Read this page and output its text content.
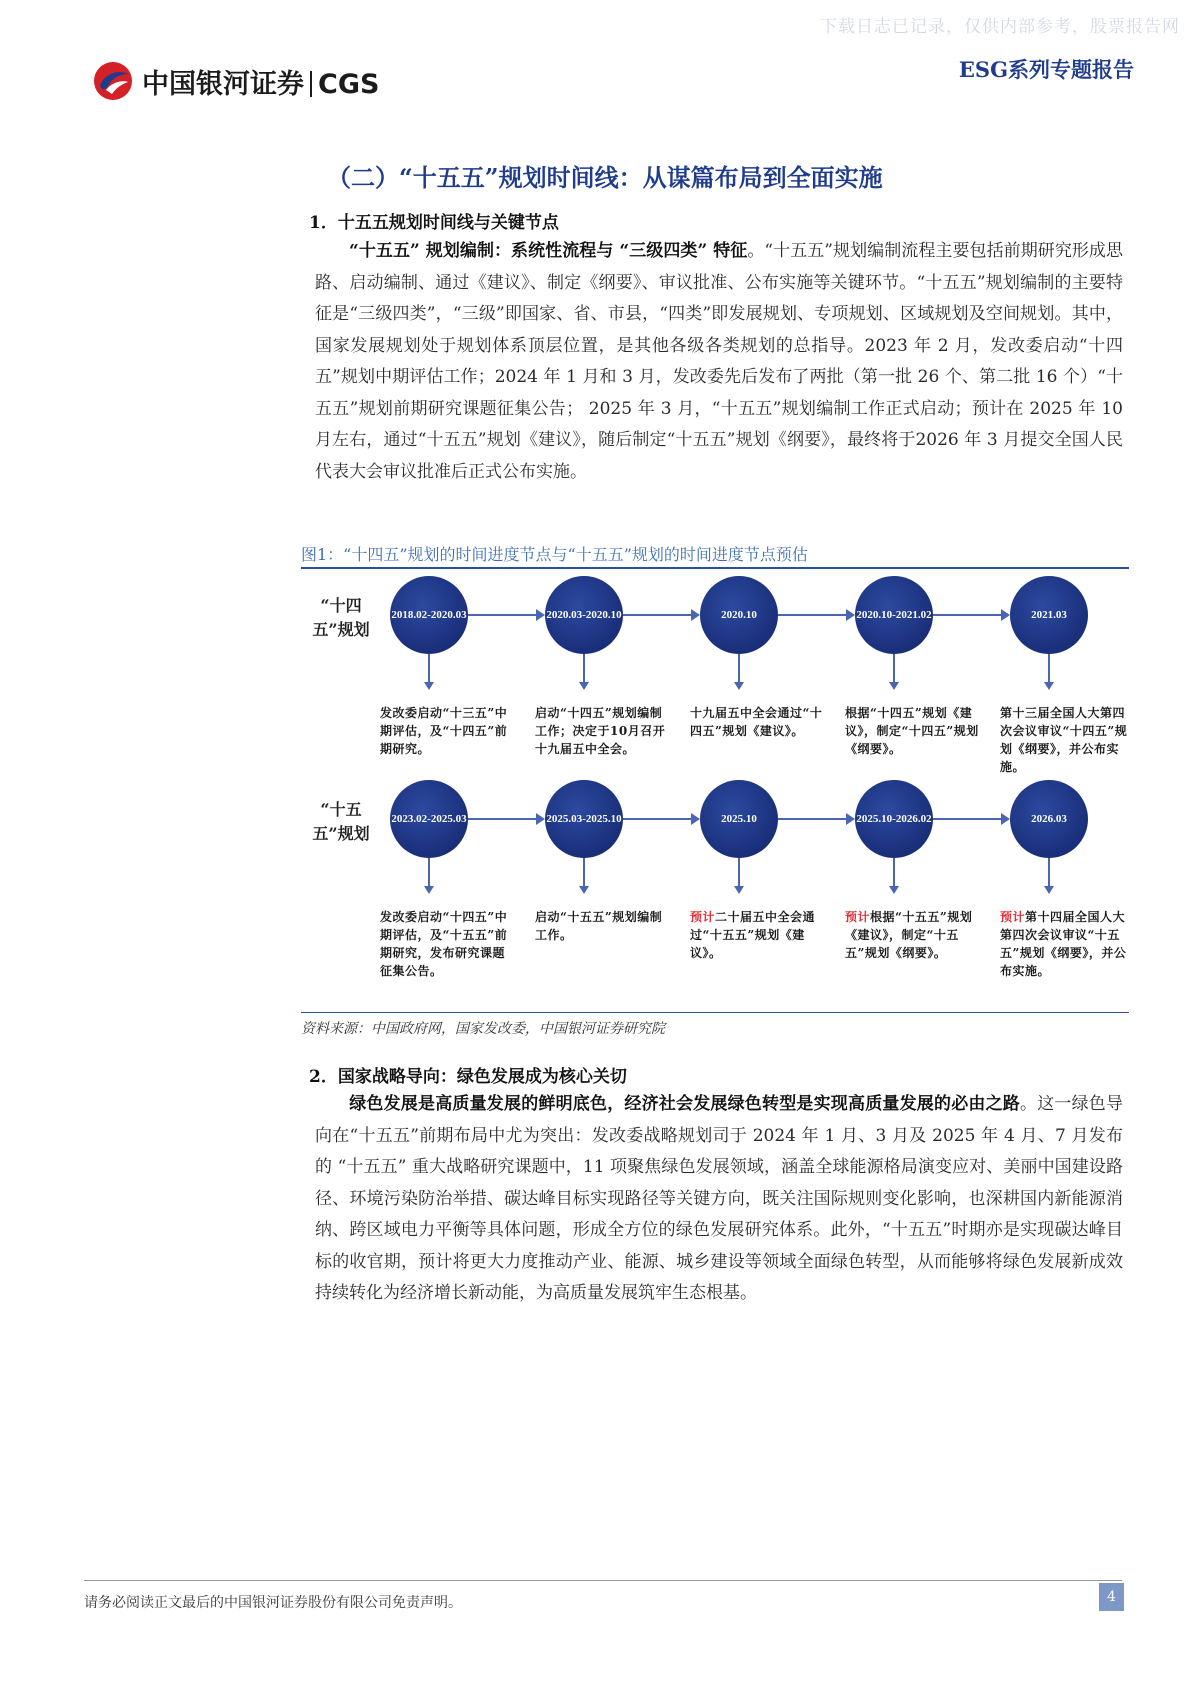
下载日志已记录，仅供内部参考，股票报告网
ESG系列专题报告
中国银河证券 CGS
（二）“十五五”规划时间线：从谋篇布局到全面实施
1．十五五规划时间线与关键节点
“十五五” 规划编制：系统性流程与 “三级四类” 特征。“十五五”规划编制流程主要包括前期研究形成思路、启动编制、通过《建议》、制定《纲要》、审议批准、公布实施等关键环节。“十五五”规划编制的主要特征是“三级四类”，“三级”即国家、省、市县，“四类”即发展规划、专项规划、区域规划及空间规划。其中，国家发展规划处于规划体系顶层位置，是其他各级各类规划的总指导。2023 年 2 月，发改委启动“十四五”规划中期评估工作；2024 年 1 月和 3 月，发改委先后发布了两批（第一批 26 个、第二批 16 个）“十五五”规划前期研究课题征集公告； 2025 年 3 月，“十五五”规划编制工作正式启动；预计在 2025 年 10 月左右，通过“十五五”规划《建议》，随后制定“十五五”规划《纲要》，最终将于2026 年 3 月提交全国人民代表大会审议批准后正式公布实施。
图1：“十四五”规划的时间进度节点与“十五五”规划的时间进度节点预估
“十四五”规划
2018.02-2020.03
发改委启动“十三五”中期评估，及“十四五”前期研究。
2020.03-2020.10
启动“十四五”规划编制工作；决定于10月召开十九届五中全会。
2020.10
十九届五中全会通过“十四五”规划《建议》。
2020.10-2021.02
根据“十四五”规划《建议》，制定“十四五”规划《纲要》。
2021.03
第十三届全国人大第四次会议审议“十四五”规划《纲要》，并公布实施。
“十五五”规划
2023.02-2025.03
发改委启动“十四五”中期评估，及“十五五”前期研究，发布研究课题征集公告。
2025.03-2025.10
启动“十五五”规划编制工作。
2025.10
预计二十届五中全会通过“十五五”规划《建议》。
2025.10-2026.02
预计根据“十五五”规划《建议》，制定“十五五”规划《纲要》。
2026.03
预计第十四届全国人大第四次会议审议“十五五”规划《纲要》，并公布实施。
资料来源：中国政府网，国家发改委，中国银河证券研究院
2．国家战略导向：绿色发展成为核心关切
绿色发展是高质量发展的鲜明底色，经济社会发展绿色转型是实现高质量发展的必由之路。这一绿色导向在“十五五”前期布局中尤为突出：发改委战略规划司于 2024 年 1 月、3 月及 2025 年 4 月、7 月发布的 “十五五” 重大战略研究课题中，11 项聚焦绿色发展领域，涵盖全球能源格局演变应对、美丽中国建设路径、环境污染防治举措、碳达峰目标实现路径等关键方向，既关注国际规则变化影响，也深耕国内新能源消纳、跨区域电力平衡等具体问题，形成全方位的绿色发展研究体系。此外，“十五五”时期亦是实现碳达峰目标的收官期，预计将更大力度推动产业、能源、城乡建设等领域全面绿色转型，从而能够将绿色发展新成效持续转化为经济增长新动能，为高质量发展筑牢生态根基。
请务必阅读正文最后的中国银河证券股份有限公司免责声明。	4
